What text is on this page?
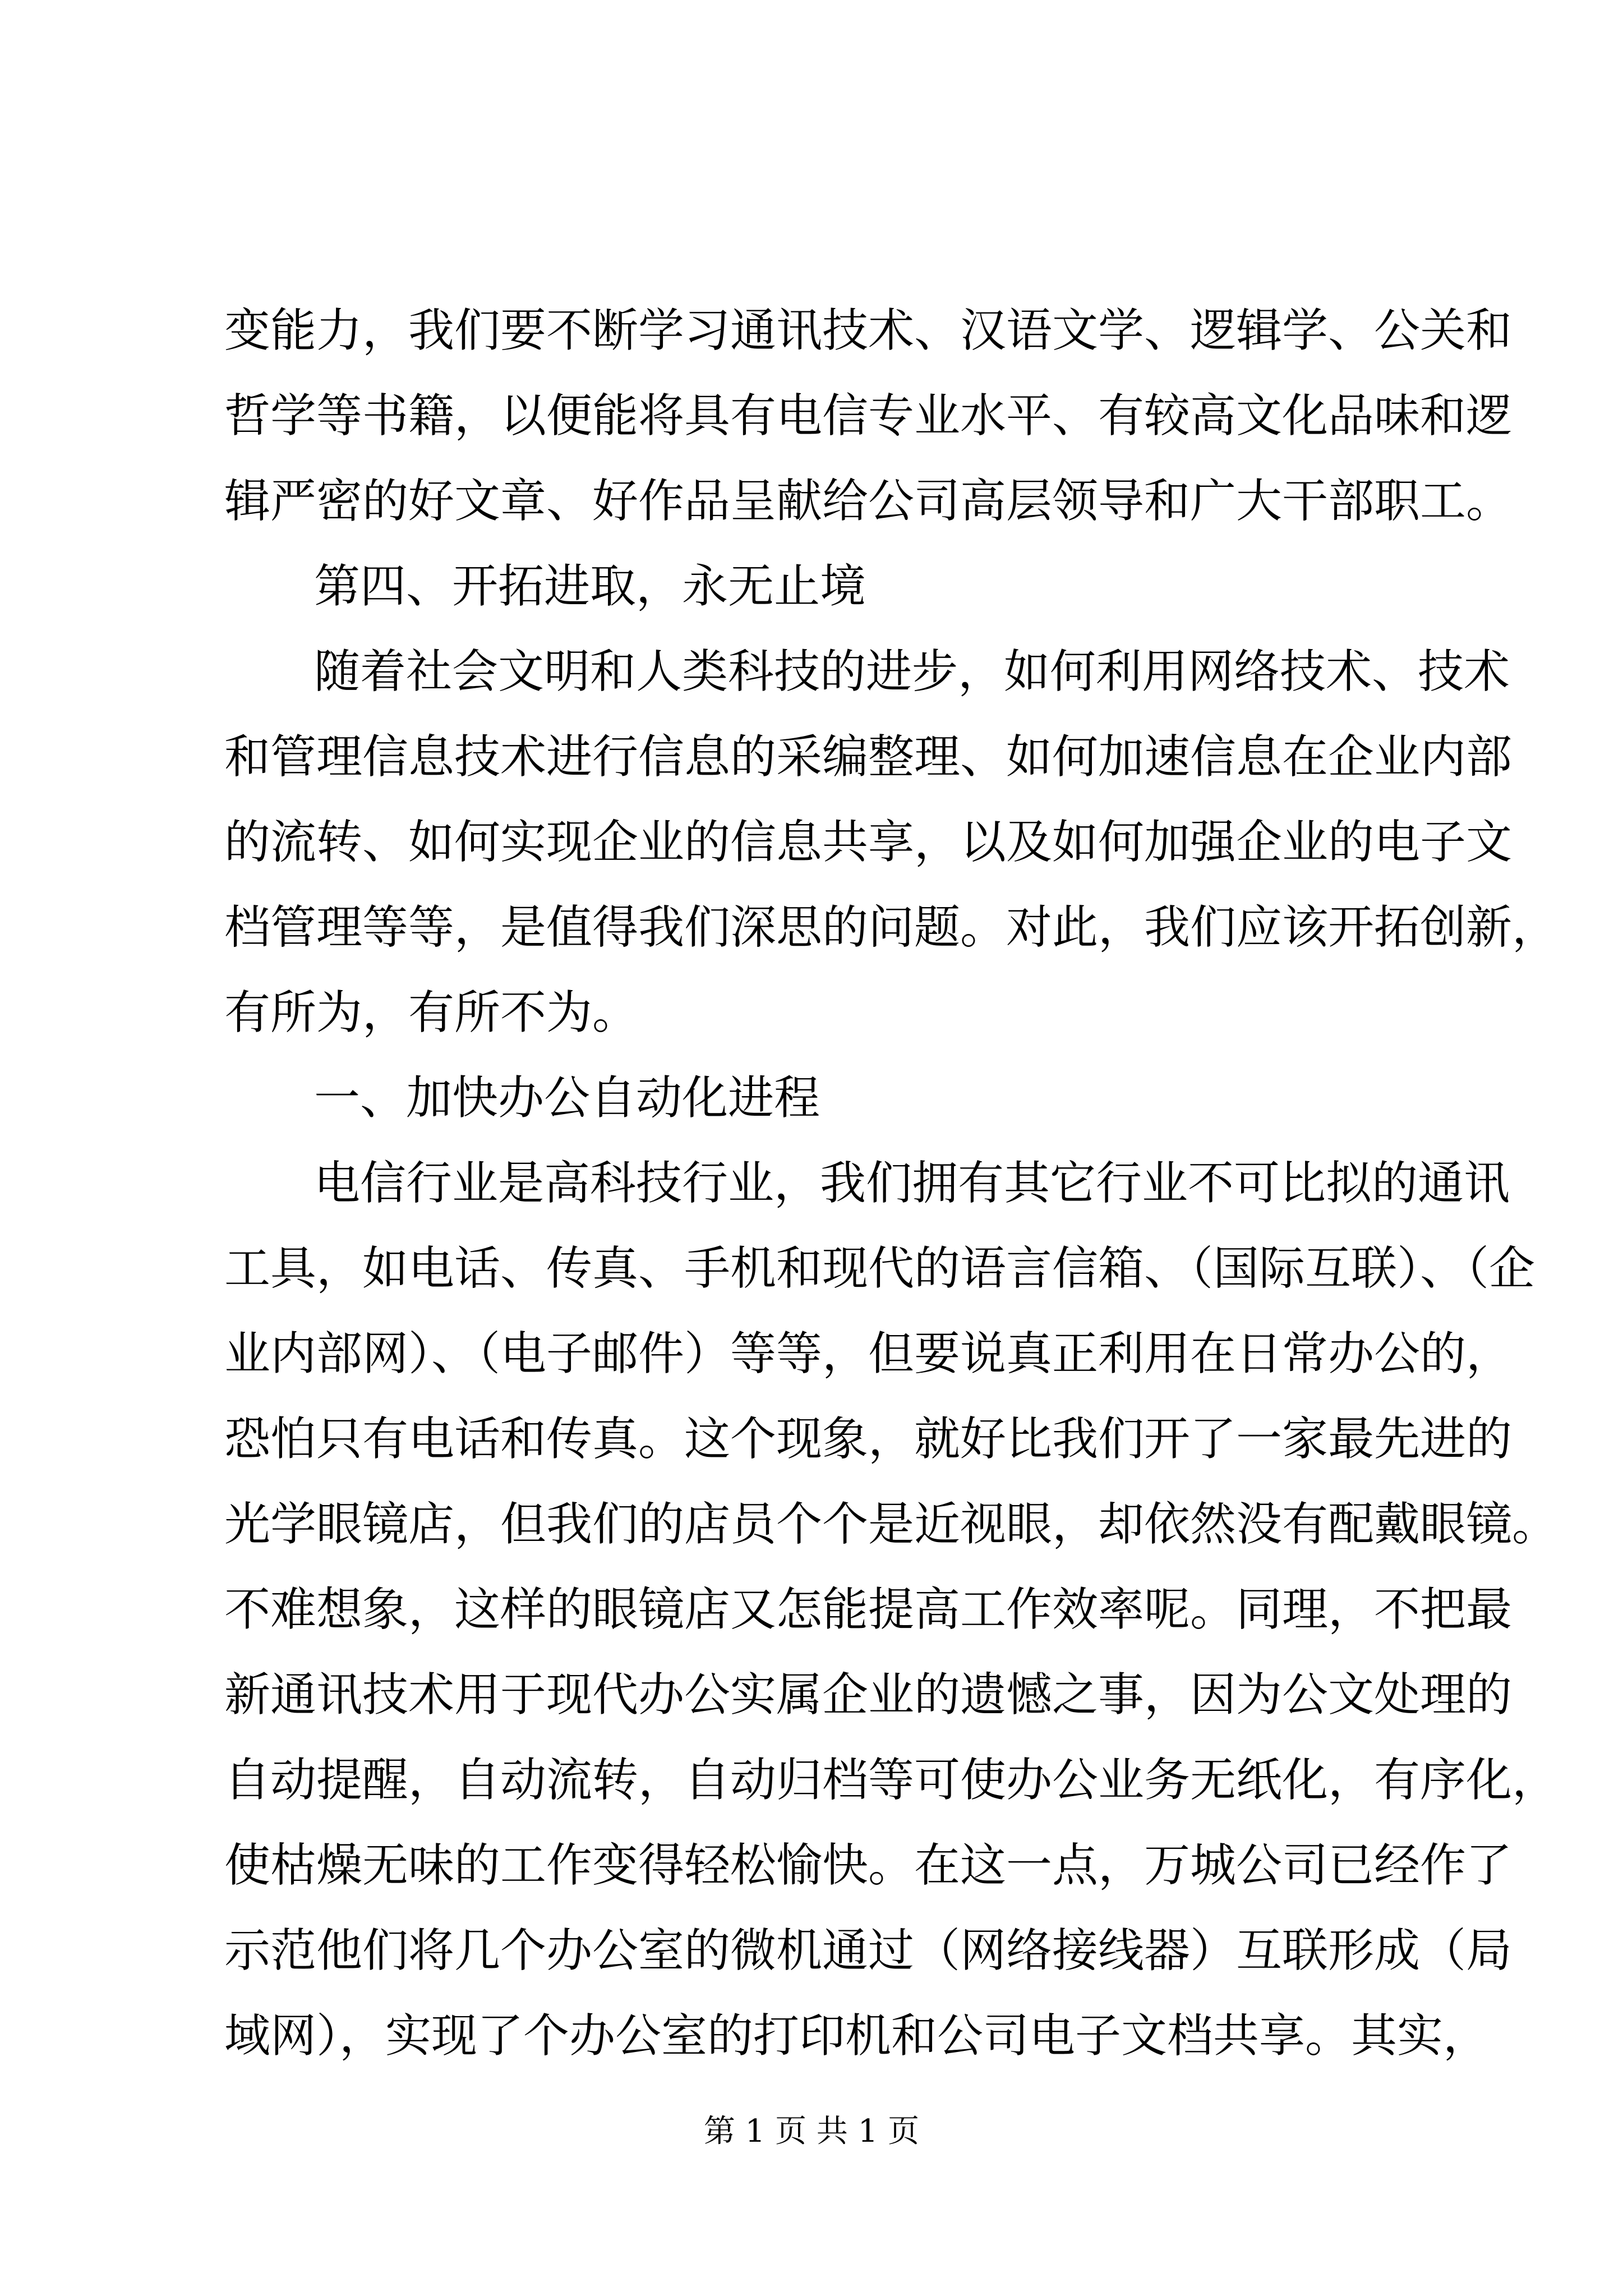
变能力，我们要不断学习通讯技术、汉语文学、逻辑学、公关和
哲学等书籍，以便能将具有电信专业水平、有较高文化品味和逻
辑严密的好文章、好作品呈献给公司高层领导和广大干部职工。
第四、开拓进取，永无止境
随着社会文明和人类科技的进步，如何利用网络技术、技术
和管理信息技术进行信息的采编整理、如何加速信息在企业内部
的流转、如何实现企业的信息共享，以及如何加强企业的电子文
档管理等等，是值得我们深思的问题。对此，我们应该开拓创新，
有所为，有所不为。
一、加快办公自动化进程
电信行业是高科技行业，我们拥有其它行业不可比拟的通讯
工具，如电话、传真、手机和现代的语言信箱、（国际互联）、（企
业内部网）、（电子邮件）等等，但要说真正利用在日常办公的，
恐怕只有电话和传真。这个现象，就好比我们开了一家最先进的
光学眼镜店，但我们的店员个个是近视眼，却依然没有配戴眼镜。
不难想象，这样的眼镜店又怎能提高工作效率呢。同理，不把最
新通讯技术用于现代办公实属企业的遗憾之事，因为公文处理的
自动提醒，自动流转，自动归档等可使办公业务无纸化，有序化，
使枯燥无味的工作变得轻松愉快。在这一点，万城公司已经作了
示范他们将几个办公室的微机通过（网络接线器）互联形成（局
域网），实现了个办公室的打印机和公司电子文档共享。其实，
第 1 页 共 1 页
